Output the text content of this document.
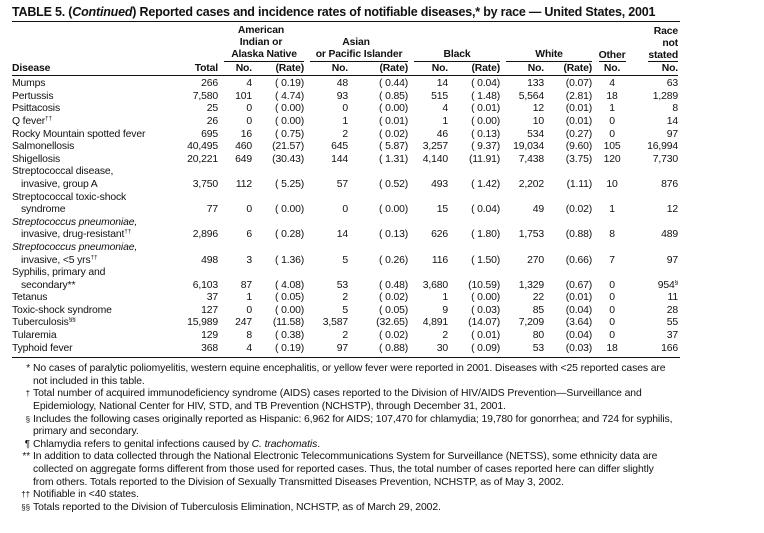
TABLE 5. (Continued) Reported cases and incidence rates of notifiable diseases,* by race — United States, 2001
		American
Indian or

Alaska Native		Asian

or Pacific Islander		Black		White		Other	Race
not
stated
Disease	Total	No.	(Rate)	No.	(Rate)	No.	(Rate)	No.	(Rate)	No.	No.
Mumps	266	4	( 0.19)	48	( 0.44)	14	( 0.04)	133	(0.07)	4	63
Pertussis	7,580	101	( 4.74)	93	( 0.85)	515	( 1.48)	5,564	(2.81)	18	1,289
Psittacosis	25	0	( 0.00)	0	( 0.00)	4	( 0.01)	12	(0.01)	1	8
Q fever††	26	0	( 0.00)	1	( 0.01)	1	( 0.00)	10	(0.01)	0	14
Rocky Mountain spotted fever	695	16	( 0.75)	2	( 0.02)	46	( 0.13)	534	(0.27)	0	97
Salmonellosis	40,495	460	(21.57)	645	( 5.87)	3,257	( 9.37)	19,034	(9.60)	105	16,994
Shigellosis	20,221	649	(30.43)	144	( 1.31)	4,140	(11.91)	7,438	(3.75)	120	7,730
Streptococcal disease,											
invasive, group A	3,750	112	( 5.25)	57	( 0.52)	493	( 1.42)	2,202	(1.11)	10	876
Streptococcal toxic-shock											
syndrome	77	0	( 0.00)	0	( 0.00)	15	( 0.04)	49	(0.02)	1	12
Streptococcus pneumoniae,											
invasive, drug-resistant††	2,896	6	( 0.28)	14	( 0.13)	626	( 1.80)	1,753	(0.88)	8	489
Streptococcus pneumoniae,											
invasive, <5 yrs††	498	3	( 1.36)	5	( 0.26)	116	( 1.50)	270	(0.66)	7	97
Syphilis, primary and											
secondary**	6,103	87	( 4.08)	53	( 0.48)	3,680	(10.59)	1,329	(0.67)	0	954§
Tetanus	37	1	( 0.05)	2	( 0.02)	1	( 0.00)	22	(0.01)	0	11
Toxic-shock syndrome	127	0	( 0.00)	5	( 0.05)	9	( 0.03)	85	(0.04)	0	28
Tuberculosis§§	15,989	247	(11.58)	3,587	(32.65)	4,891	(14.07)	7,209	(3.64)	0	55
Tularemia	129	8	( 0.38)	2	( 0.02)	2	( 0.01)	80	(0.04)	0	37
Typhoid fever	368	4	( 0.19)	97	( 0.88)	30	( 0.09)	53	(0.03)	18	166
* No cases of paralytic poliomyelitis, western equine encephalitis, or yellow fever were reported in 2001. Diseases with <25 reported cases are not included in this table.
† Total number of acquired immunodeficiency syndrome (AIDS) cases reported to the Division of HIV/AIDS Prevention—Surveillance and Epidemiology, National Center for HIV, STD, and TB Prevention (NCHSTP), through December 31, 2001.
§ Includes the following cases originally reported as Hispanic: 6,962 for AIDS; 107,470 for chlamydia; 19,780 for gonorrhea; and 724 for syphilis, primary and secondary.
¶ Chlamydia refers to genital infections caused by C. trachomatis.
** In addition to data collected through the National Electronic Telecommunications System for Surveillance (NETSS), some ethnicity data are collected on aggregate forms different from those used for reported cases. Thus, the total number of cases reported here can differ slightly from others. Totals reported to the Division of Sexually Transmitted Diseases Prevention, NCHSTP, as of May 3, 2002.
†† Notifiable in <40 states.
§§ Totals reported to the Division of Tuberculosis Elimination, NCHSTP, as of March 29, 2002.
